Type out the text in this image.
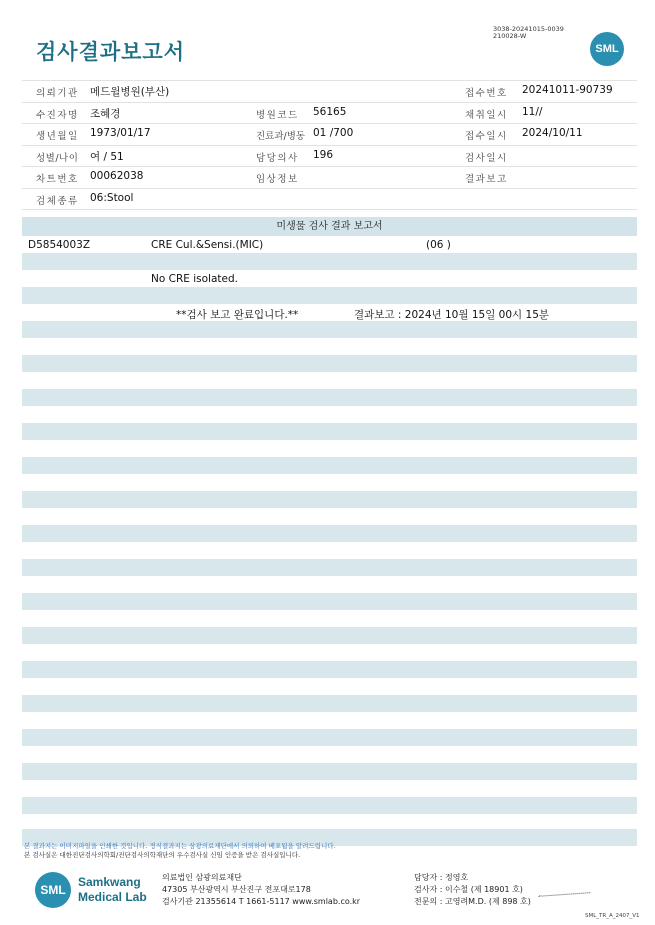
검사결과보고서
3038-20241015-0039
210028-W
SML
의뢰기관 메드윌병원(부산)	접수번호 20241011-90739
수진자명 조혜경	병원코드 56165	채취일시 11//
생년월일 1973/01/17	진료과/병동 01 /700	접수일시 2024/10/11
성별/나이 여 / 51	담당의사 196	검사일시
차트번호 00062038	임상정보	결과보고
검체종류 06:Stool
미생물 검사 결과 보고서
D5854003Z	CRE Cul.&Sensi.(MIC)	(06 )
No CRE isolated.
**검사 보고 완료입니다.**	결과보고 : 2024년 10월 15일 00시 15분
본 결과지는 이미지파일을 인쇄한 것입니다. 정식결과지는 삼광의료재단에서 의뢰하여 배포됨을 알려드립니다.
본 검사실은 대한진단검사의학회/진단검사의학재단의 우수검사실 신임 인증을 받은 검사실입니다.
SML
Samkwang
Medical Lab
의료법인 삼광의료재단
47305 부산광역시 부산진구 전포대로178
검사기관 21355614 T 1661-5117 www.smlab.co.kr
담당자 : 정영호
검사자 : 이수철 (제 18901 호)
전문의 : 고영려M.D. (제 898 호)
SML_TR_A_2407_V1
